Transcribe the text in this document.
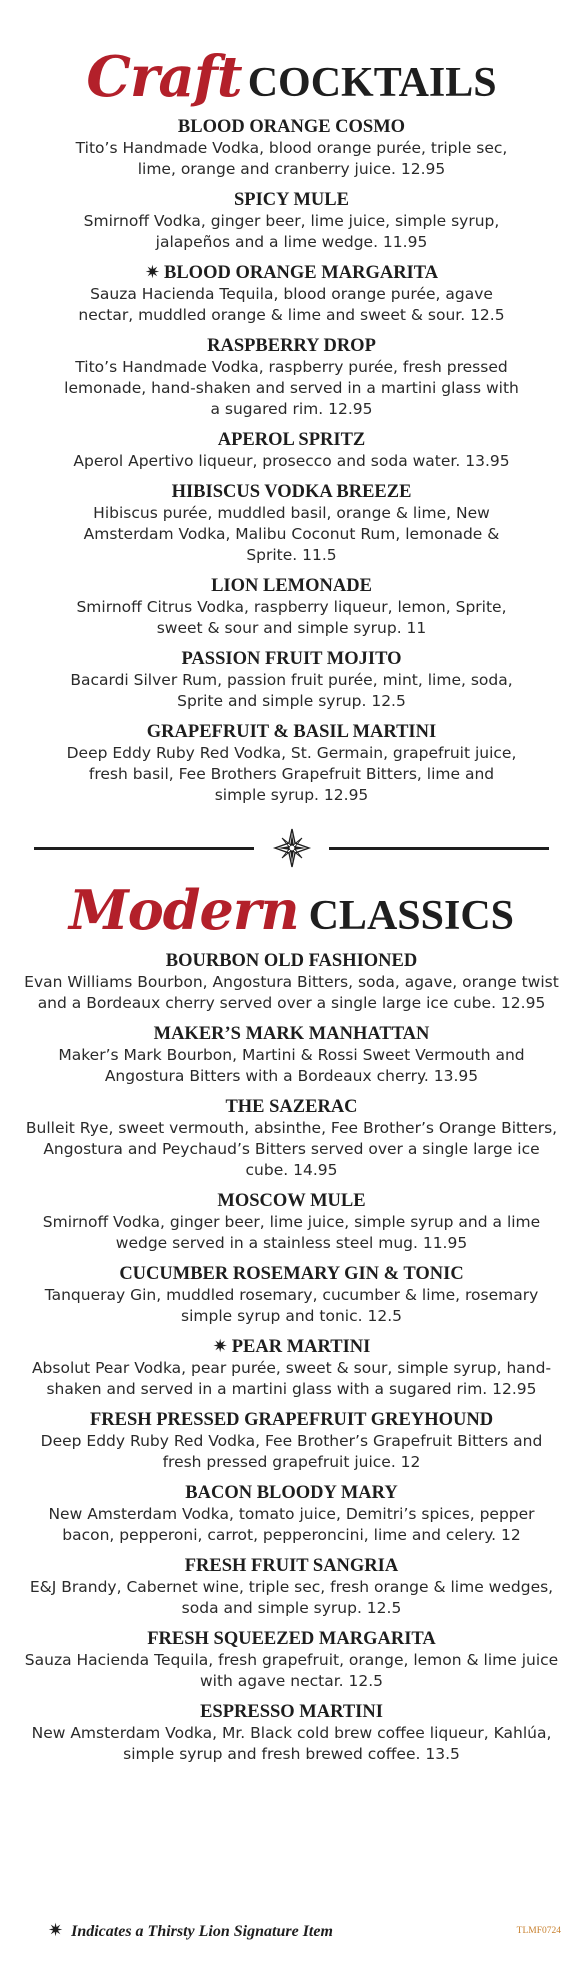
Craft COCKTAILS
BLOOD ORANGE COSMO
Tito’s Handmade Vodka, blood orange purée, triple sec, lime, orange and cranberry juice. 12.95
SPICY MULE
Smirnoff Vodka, ginger beer, lime juice, simple syrup, jalapeños and a lime wedge. 11.95
✷ BLOOD ORANGE MARGARITA
Sauza Hacienda Tequila, blood orange purée, agave nectar, muddled orange & lime and sweet & sour. 12.5
RASPBERRY DROP
Tito’s Handmade Vodka, raspberry purée, fresh pressed lemonade, hand-shaken and served in a martini glass with a sugared rim. 12.95
APEROL SPRITZ
Aperol Apertivo liqueur, prosecco and soda water. 13.95
HIBISCUS VODKA BREEZE
Hibiscus purée, muddled basil, orange & lime, New Amsterdam Vodka, Malibu Coconut Rum, lemonade & Sprite. 11.5
LION LEMONADE
Smirnoff Citrus Vodka, raspberry liqueur, lemon, Sprite, sweet & sour and simple syrup. 11
PASSION FRUIT MOJITO
Bacardi Silver Rum, passion fruit purée, mint, lime, soda, Sprite and simple syrup. 12.5
GRAPEFRUIT & BASIL MARTINI
Deep Eddy Ruby Red Vodka, St. Germain, grapefruit juice, fresh basil, Fee Brothers Grapefruit Bitters, lime and simple syrup. 12.95
Modern CLASSICS
BOURBON OLD FASHIONED
Evan Williams Bourbon, Angostura Bitters, soda, agave, orange twist and a Bordeaux cherry served over a single large ice cube. 12.95
MAKER’S MARK MANHATTAN
Maker’s Mark Bourbon, Martini & Rossi Sweet Vermouth and Angostura Bitters with a Bordeaux cherry. 13.95
THE SAZERAC
Bulleit Rye, sweet vermouth, absinthe, Fee Brother’s Orange Bitters, Angostura and Peychaud’s Bitters served over a single large ice cube. 14.95
MOSCOW MULE
Smirnoff Vodka, ginger beer, lime juice, simple syrup and a lime wedge served in a stainless steel mug. 11.95
CUCUMBER ROSEMARY GIN & TONIC
Tanqueray Gin, muddled rosemary, cucumber & lime, rosemary simple syrup and tonic. 12.5
✷ PEAR MARTINI
Absolut Pear Vodka, pear purée, sweet & sour, simple syrup, hand-shaken and served in a martini glass with a sugared rim. 12.95
FRESH PRESSED GRAPEFRUIT GREYHOUND
Deep Eddy Ruby Red Vodka, Fee Brother’s Grapefruit Bitters and fresh pressed grapefruit juice. 12
BACON BLOODY MARY
New Amsterdam Vodka, tomato juice, Demitri’s spices, pepper bacon, pepperoni, carrot, pepperoncini, lime and celery. 12
FRESH FRUIT SANGRIA
E&J Brandy, Cabernet wine, triple sec, fresh orange & lime wedges, soda and simple syrup. 12.5
FRESH SQUEEZED MARGARITA
Sauza Hacienda Tequila, fresh grapefruit, orange, lemon & lime juice with agave nectar. 12.5
ESPRESSO MARTINI
New Amsterdam Vodka, Mr. Black cold brew coffee liqueur, Kahlúa, simple syrup and fresh brewed coffee. 13.5
✷ Indicates a Thirsty Lion Signature Item	TLMF0724
